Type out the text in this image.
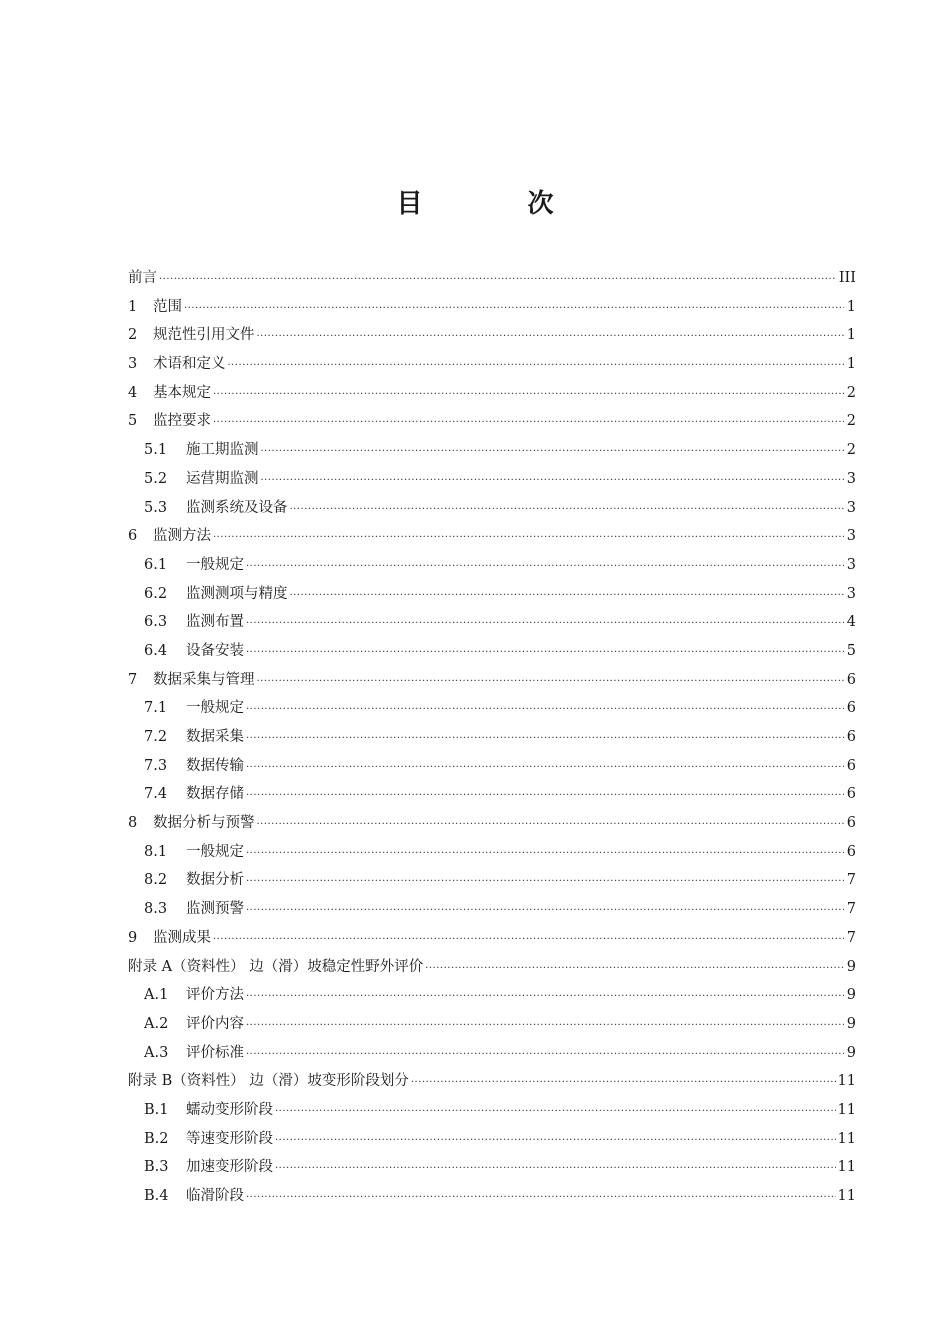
目 次
前言 ·····	III
1	范围 ·····	1
2	规范性引用文件 ·····	1
3	术语和定义 ·····	1
4	基本规定 ·····	2
5	监控要求 ·····	2
5.1	施工期监测 ·····	2
5.2	运营期监测 ·····	3
5.3	监测系统及设备 ·····	3
6	监测方法 ·····	3
6.1	一般规定 ·····	3
6.2	监测测项与精度 ·····	3
6.3	监测布置 ·····	4
6.4	设备安装 ·····	5
7	数据采集与管理 ·····	6
7.1	一般规定 ·····	6
7.2	数据采集 ·····	6
7.3	数据传输 ·····	6
7.4	数据存储 ·····	6
8	数据分析与预警 ·····	6
8.1	一般规定 ·····	6
8.2	数据分析 ·····	7
8.3	监测预警 ·····	7
9	监测成果 ·····	7
附录 A（资料性） 边（滑）坡稳定性野外评价 ·····	9
A.1	评价方法 ·····	9
A.2	评价内容 ·····	9
A.3	评价标准 ·····	9
附录 B（资料性） 边（滑）坡变形阶段划分 ·····	11
B.1	蠕动变形阶段 ·····	11
B.2	等速变形阶段 ·····	11
B.3	加速变形阶段 ·····	11
B.4	临滑阶段 ·····	11
